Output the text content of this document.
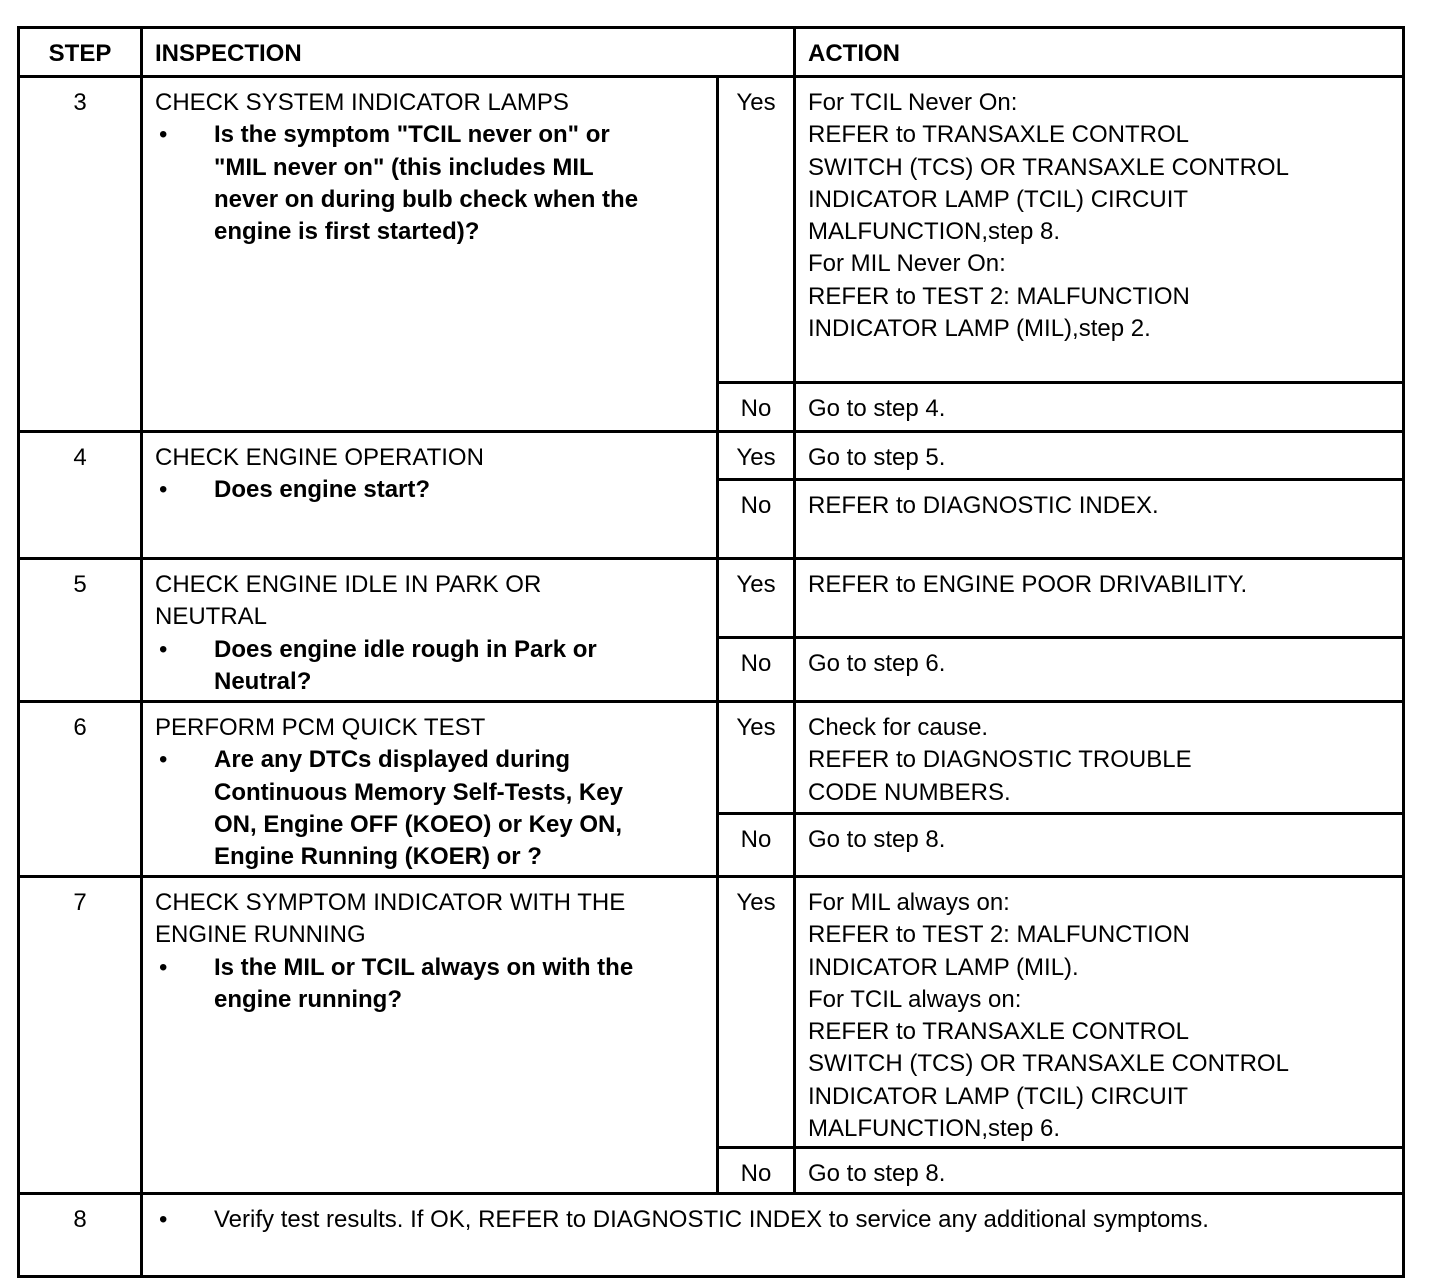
STEP	INSPECTION	ACTION
3	CHECK SYSTEM INDICATOR LAMPS
• Is the symptom "TCIL never on" or
"MIL never on" (this includes MIL
never on during bulb check when the
engine is first started)?
Yes	For TCIL Never On:
REFER to TRANSAXLE CONTROL
SWITCH (TCS) OR TRANSAXLE CONTROL
INDICATOR LAMP (TCIL) CIRCUIT
MALFUNCTION,step 8.
For MIL Never On:
REFER to TEST 2: MALFUNCTION
INDICATOR LAMP (MIL),step 2.
No	Go to step 4.
4	CHECK ENGINE OPERATION
• Does engine start?
Yes	Go to step 5.
No	REFER to DIAGNOSTIC INDEX.
5	CHECK ENGINE IDLE IN PARK OR
NEUTRAL
• Does engine idle rough in Park or
Neutral?
Yes	REFER to ENGINE POOR DRIVABILITY.
No	Go to step 6.
6	PERFORM PCM QUICK TEST
• Are any DTCs displayed during
Continuous Memory Self-Tests, Key
ON, Engine OFF (KOEO) or Key ON,
Engine Running (KOER) or ?
Yes	Check for cause.
REFER to DIAGNOSTIC TROUBLE
CODE NUMBERS.
No	Go to step 8.
7	CHECK SYMPTOM INDICATOR WITH THE
ENGINE RUNNING
• Is the MIL or TCIL always on with the
engine running?
Yes	For MIL always on:
REFER to TEST 2: MALFUNCTION
INDICATOR LAMP (MIL).
For TCIL always on:
REFER to TRANSAXLE CONTROL
SWITCH (TCS) OR TRANSAXLE CONTROL
INDICATOR LAMP (TCIL) CIRCUIT
MALFUNCTION,step 6.
No	Go to step 8.
8	• Verify test results. If OK, REFER to DIAGNOSTIC INDEX to service any additional symptoms.
